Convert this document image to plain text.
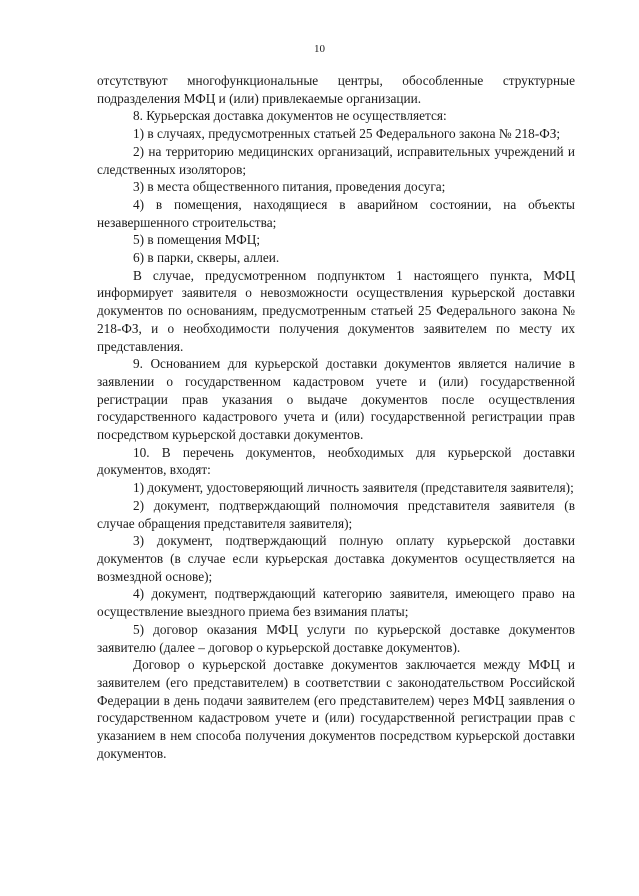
10

отсутствуют многофункциональные центры, обособленные структурные подразделения МФЦ и (или) привлекаемые организации.

8. Курьерская доставка документов не осуществляется:

1) в случаях, предусмотренных статьей 25 Федерального закона № 218-ФЗ;

2) на территорию медицинских организаций, исправительных учреждений и следственных изоляторов;

3) в места общественного питания, проведения досуга;

4) в помещения, находящиеся в аварийном состоянии, на объекты незавершенного строительства;

5) в помещения МФЦ;

6) в парки, скверы, аллеи.

В случае, предусмотренном подпунктом 1 настоящего пункта, МФЦ информирует заявителя о невозможности осуществления курьерской доставки документов по основаниям, предусмотренным статьей 25 Федерального закона № 218-ФЗ, и о необходимости получения документов заявителем по месту их представления.

9. Основанием для курьерской доставки документов является наличие в заявлении о государственном кадастровом учете и (или) государственной регистрации прав указания о выдаче документов после осуществления государственного кадастрового учета и (или) государственной регистрации прав посредством курьерской доставки документов.

10. В перечень документов, необходимых для курьерской доставки документов, входят:

1) документ, удостоверяющий личность заявителя (представителя заявителя);

2) документ, подтверждающий полномочия представителя заявителя (в случае обращения представителя заявителя);

3) документ, подтверждающий полную оплату курьерской доставки документов (в случае если курьерская доставка документов осуществляется на возмездной основе);

4) документ, подтверждающий категорию заявителя, имеющего право на осуществление выездного приема без взимания платы;

5) договор оказания МФЦ услуги по курьерской доставке документов заявителю (далее – договор о курьерской доставке документов).

Договор о курьерской доставке документов заключается между МФЦ и заявителем (его представителем) в соответствии с законодательством Российской Федерации в день подачи заявителем (его представителем) через МФЦ заявления о государственном кадастровом учете и (или) государственной регистрации прав с указанием в нем способа получения документов посредством курьерской доставки документов.
